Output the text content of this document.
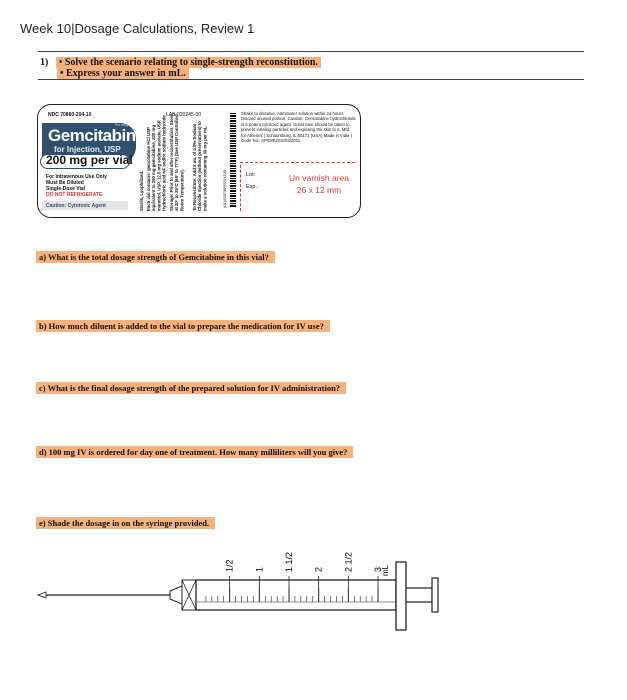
Week 10|Dosage Calculations, Review 1
1) • Solve the scenario relating to single-strength reconstitution.
• Express your answer in mL.
NDC 70860-204-10
Gemcitabine
Rx only
for Injection, USP
200 mg per vial
For Intravenous Use Only
Must Be Diluted
Single-Dose Vial
DO NOT REFRIGERATE
Caution: Cytotoxic Agent	Sterile, Lyophilized. Each vial contains: gemcitabine HCl USP equivalent to 200 mg gemcitabine, 200 mg mannitol, USP, 12.5 mg sodium acetate, USP. Hydrochloric acid NF and/or sodium hydroxide Storage: Prior to and after reconstitution: Store at 20° to 25°C (68° to 77°F) [See USP Controlled Room Temperature].	To Reconstitute: Add 5 mL of 0.9% Sodium Chloride Injection (without preservatives) to make a solution containing 38 mg per mL.
LAB-020245-00
(01)00370860204109
Shake to dissolve. Administer solution within 24 hours. Discard unused portion. Caution: Gemcitabine hydrochloride is a potent cytotoxic agent. Great care should be taken to prevent inhaling particles and exposing the skin to it. Mfd. for Athenex | Schaumburg, IL 60173 (USA) Made in India | Code No.: AP/DRUGS/03/2011
Lot:
Exp.:
Un varnish area
26 x 12 mm
a) What is the total dosage strength of Gemcitabine in this vial?
b) How much diluent is added to the vial to prepare the medication for IV use?
c) What is the final dosage strength of the prepared solution for IV administration?
d) 100 mg IV is ordered for day one of treatment. How many milliliters will you give?
e) Shade the dosage in on the syringe provided.
1/2 1 1 1/2 2 2 1/2 3
mL
